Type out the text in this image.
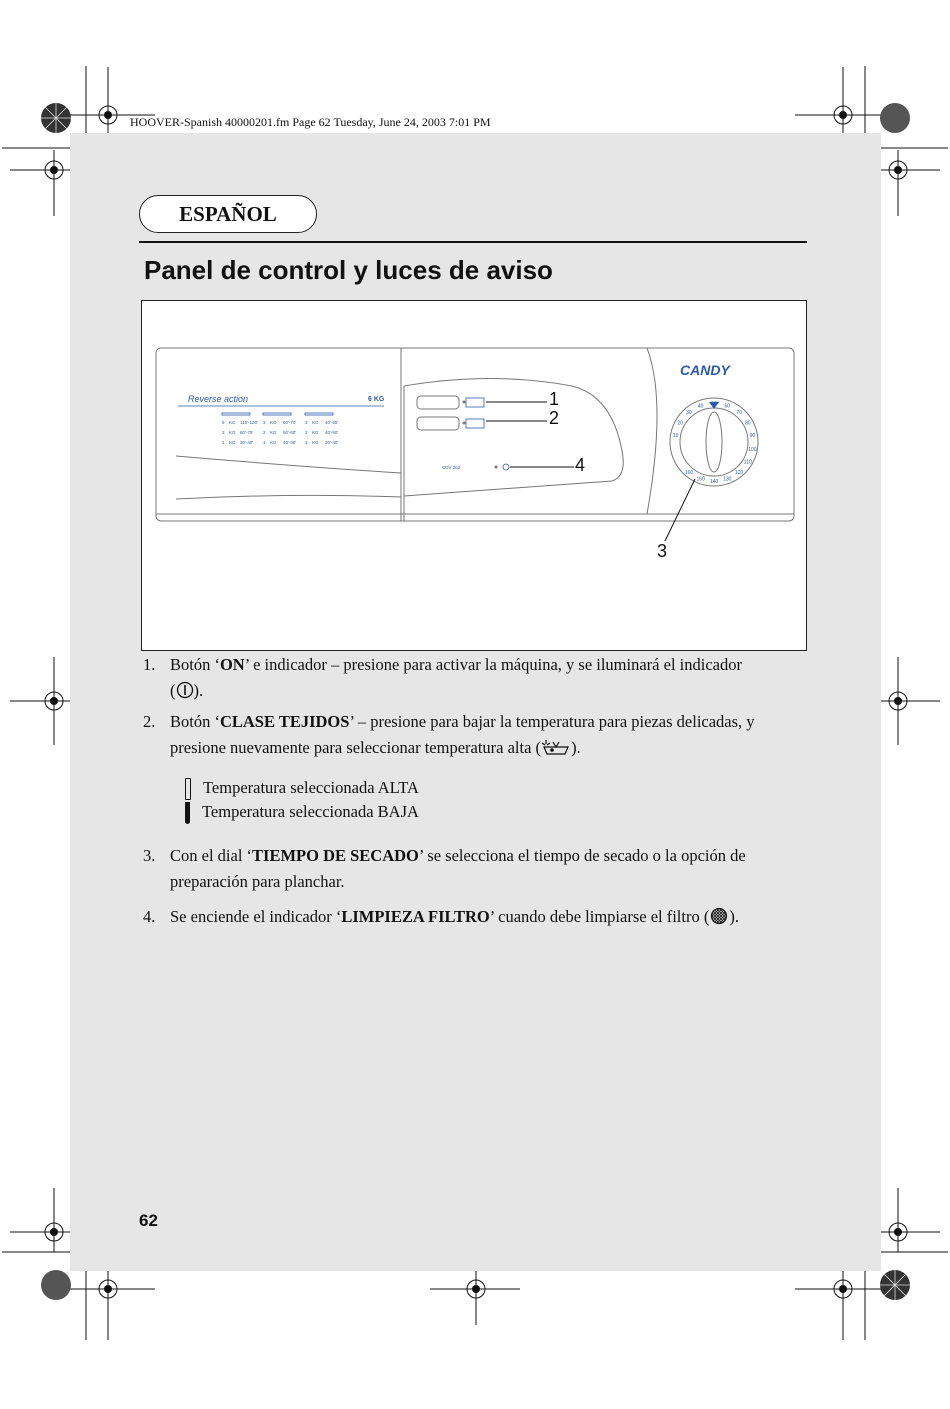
HOOVER-Spanish 40000201.fm Page 62 Tuesday, June 24, 2003 7:01 PM
ESPAÑOL
Panel de control y luces de aviso
Reverse action	6 KG
CANDY
CDV 262
6 KG 110'-120' 3 KG 60'-70' 3 KG 40'-55'
3 KG 60'-75' 2 KG 50'-60' 2 KG 40'-50'
1 KG 30'-40' 1 KG 40'-50' 1 KG 30'-40'
10
20
30
40 50 60
70
80
90
100
110
120
130
140
150
160
1
2
4
3
1. Botón ‘ON’ e indicador – presione para activar la máquina, y se iluminará el indicador
( ).
2. Botón ‘CLASE TEJIDOS’ – presione para bajar la temperatura para piezas delicadas, y
presione nuevamente para seleccionar temperatura alta ( ).
Temperatura seleccionada ALTA
Temperatura seleccionada BAJA
3. Con el dial ‘TIEMPO DE SECADO’ se selecciona el tiempo de secado o la opción de
preparación para planchar.
4. Se enciende el indicador ‘LIMPIEZA FILTRO’ cuando debe limpiarse el filtro ( ).
62
